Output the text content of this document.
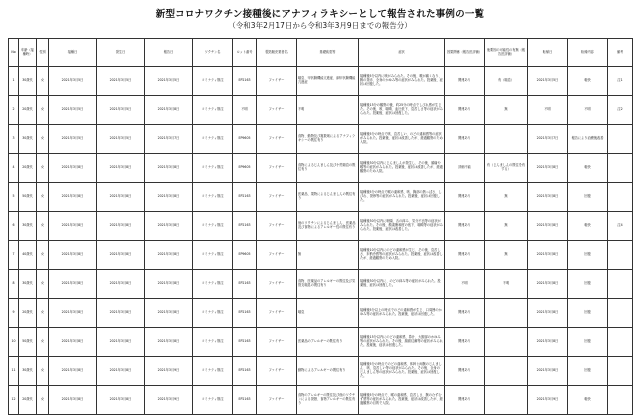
新型コロナワクチン接種後にアナフィラキシーとして報告された事例の一覧
（令和3年2月17日から令和3年3月9日までの報告分）
No	年齢（接種時）	性別	接種日	発生日	報告日	ワクチン名	ロット番号	製造販売業者名	基礎疾患等	症状	因果関係（報告医評価）	他要因の可能性の有無（報告医評価）	転帰日	転帰内容	備考
1	30歳代	女	2021年3月5日	2021年3月5日	2021年3月5日	コミナティ筋注	EP2163	ファイザー	喘息、甲状腺機能亢進症、副甲状腺機能亢進症	接種後5分以内に咳がみられた。その後、喉が痛くなり、腕の発赤、全身のかゆみ等の症状がみられた。投薬後、症状は回復した。	関連あり	有（喘息）	2021年3月5日	軽快	注1
2	20歳代	女	2021年3月5日	2021年3月5日	2021年3月8日	コミナティ筋注	不明	ファイザー	不明	接種後15分の観察の後、約25分の時点でしびれ感が生じた。その後、咳、喘鳴、血圧低下、息苦しさ等の症状がみられた。投薬後、症状は回復した。	関連あり	無	不明	不明	注2
3	30歳代	女	2021年3月5日	2021年3月5日	2021年3月7日	コミナティ筋注	EP9605	ファイザー	食物、動物及び複数剤によるアナフィラキシーの既往有り	接種後5分の時点で咳、息苦しい、のどの違和感等の症状がみられた。投薬後、症状は改善したが、経過観察のため入院。	関連あり		2021年3月7日	報告により治療後改善	
4	20歳代	女	2021年3月8日	2021年3月8日	2021年3月8日	コミナティ筋注	EP9605	ファイザー	食物によるじんましん及び小児喘息の既往有り	接種後30分以内にじんましんが発生し、その後、頭痛や喉等の症状がみられた。投薬後、症状は改善したが、経過観察のため入院。	評価不能	有（じんましんの既往を有する）	2021年3月8日	軽快	
5	50歳代	女	2021年3月8日	2021年3月8日	2021年3月8日	コミナティ筋注	EP2163	ファイザー	医薬品、果物によるじんましんの既往有り	接種後5分の時点で喉の違和感、咳、胸部の熱っぽさ、しびれ、発疹等の症状がみられた。投薬後、症状は回復した。	関連あり	無	2021年3月8日	回復	
6	30歳代	女	2021年3月8日	2021年3月8日	2021年3月8日	コミナティ筋注	EP2163	ファイザー	他のワクチンによるじんましん、医薬品及び食物によるアレルギー性の既往有り	接種後30分以内に咽頭、舌の痒み、気分不良等の症状がみられた。その後、酸素飽和度の低下、喘鳴等の症状がみられた。投薬後、症状は改善した。	関連あり	無	2021年3月8日	軽快	注4
7	40歳代	女	2021年3月8日	2021年3月8日	2021年3月8日	コミナティ筋注	EP9605	ファイザー	無	接種後10分以内にのどの違和感が生じ、その後、息苦しさ、末梢冷感等の症状がみられた。投薬後、症状は改善したが、経過観察のため入院。	関連あり	無	2021年3月8日	回復	
8	30歳代	女	2021年3月8日	2021年3月8日	2021年3月8日	コミナティ筋注	EP2163	ファイザー	食物、医薬品のアレルギーの既往及び気管支喘息の既往有り	接種後30分以内に、のどの痒み等の症状がみられた。投薬後、症状は回復した。	不明	不明	2021年3月8日	回復	
9	20歳代	女	2021年3月8日	2021年3月8日	2021年3月8日	コミナティ筋注	EP2163	ファイザー	喘息	接種後5分以上の時点でのどの違和感が生じ、口周囲のかゆみ等の症状がみられた。投薬後、症状は回復した。	関連あり		2021年3月8日	回復	
10	50歳代	女	2021年3月8日	2021年3月8日	2021年3月8日	コミナティ筋注	EP2163	ファイザー	医薬品のアレルギーの既往有り	接種後15分以内にのどの違和感、鼻汁、大腿部のかゆみ等の症状がみられた。その後、顔面紅潮等の症状がみられた。投薬後、症状は回復した。	関連あり		2021年3月8日	回復	
11	30歳代	女	2021年3月8日	2021年3月8日	2021年3月9日	コミナティ筋注	EP2163	ファイザー	動物によるアレルギーの既往有り	接種後5分の時点でのどの違和感、体幹と両腕のじんましん、咳、息苦しい等の症状がみられた。その後、全身のじんましん等の症状がみられた。投薬後、症状は回復した。	関連あり		2021年3月8日	回復	
12	20歳代	女	2021年3月8日	2021年3月8日	2021年3月9日	コミナティ筋注	EP2163	ファイザー	食物のアレルギーの既往及び他のワクチンによる発熱、食物アレルギーの既往有り	接種後5分の時点で、喉の違和感、息苦しさ、腕のむずむず感等の症状がみられた。投薬後、症状は改善したが、経過観察の目的で入院。	関連あり		2021年3月9日	軽快	
